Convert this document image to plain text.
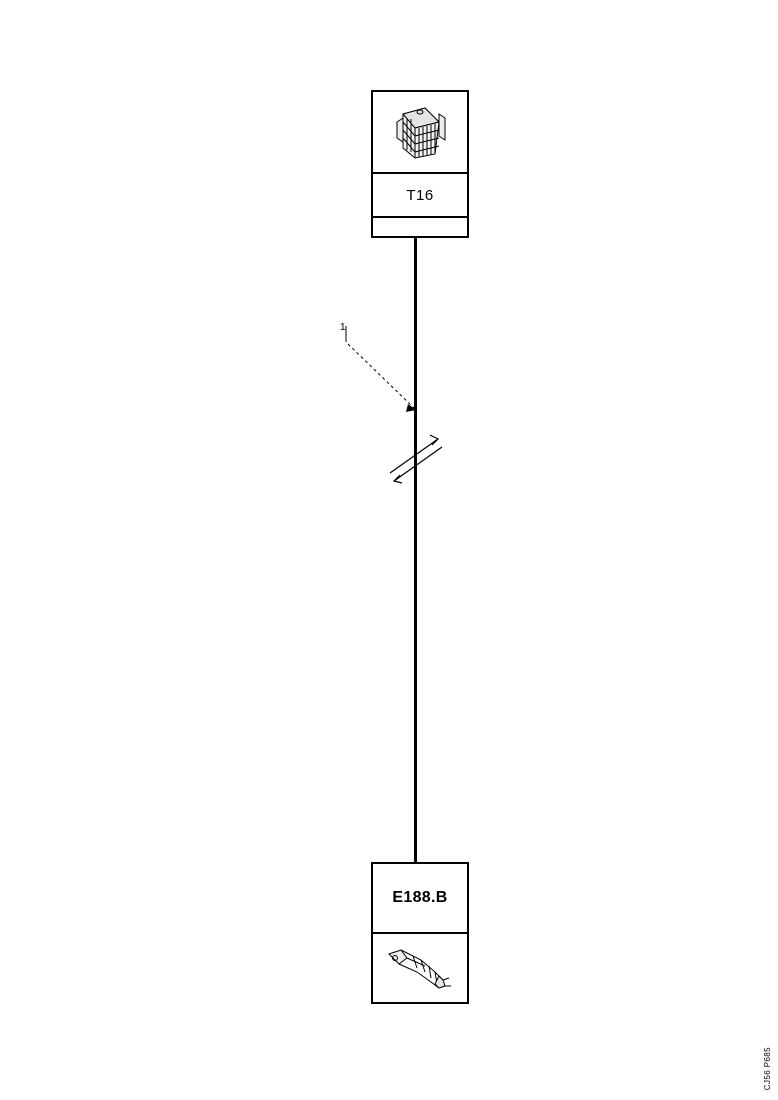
T16
1
E188.B
CJ56 P685
